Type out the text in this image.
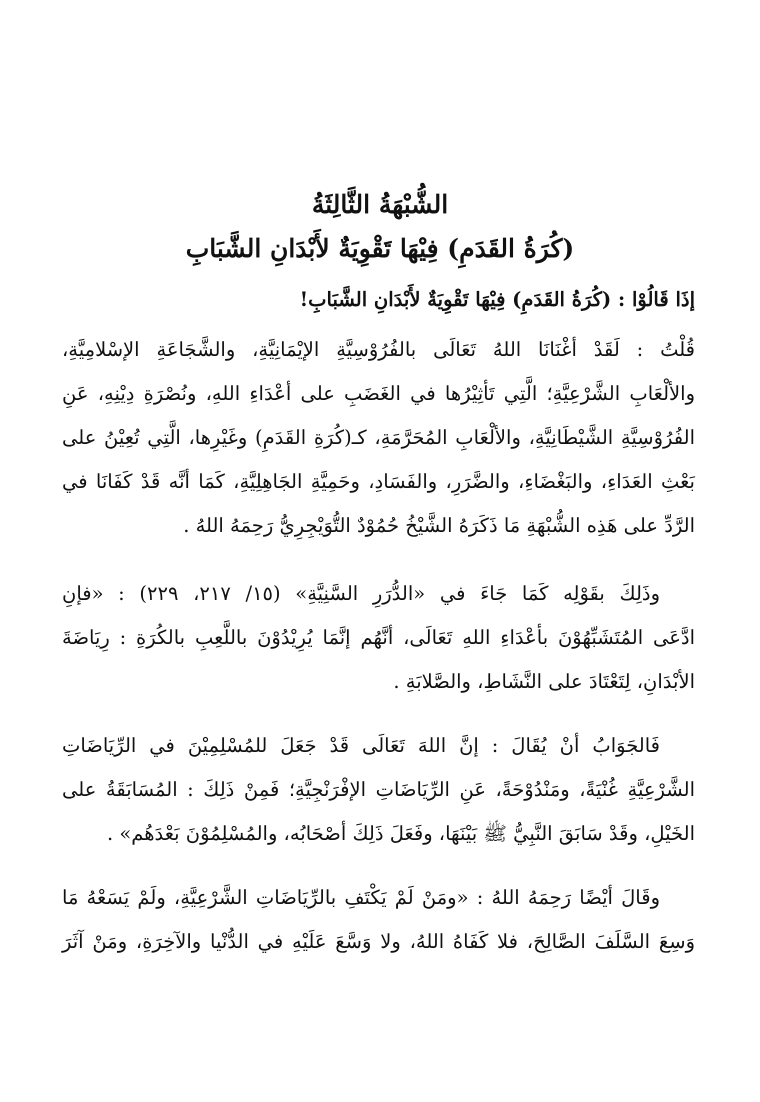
الشُّبْهَةُ الثَّالِثَةُ
(كُرَةُ القَدَمِ) فِيْهَا تَقْوِيَةٌ لأَبْدَانِ الشَّبَابِ
إذَا قَالُوْا : (كُرَةُ القَدَمِ) فِيْهَا تَقْوِيَةٌ لأَبْدَانِ الشَّبَابِ!
قُلْتُ : لَقَدْ أغْنَانَا اللهُ تَعَالَى بالفُرُوْسِيَّةِ الإيْمَانِيَّةِ، والشَّجَاعَةِ الإسْلامِيَّةِ،
والألْعَابِ الشَّرْعِيَّةِ؛ الَّتِي تَأثِيْرُها في الغَضَبِ على أعْدَاءِ اللهِ، ونُصْرَةِ دِيْنِهِ، عَنِ
الفُرُوْسِيَّةِ الشَّيْطَانِيَّةِ، والألْعَابِ المُحَرَّمَةِ، كـ(كُرَةِ القَدَمِ) وغَيْرِها، الَّتِي تُعِيْنُ على
بَعْثِ العَدَاءِ، والبَغْضَاءِ، والضَّرَرِ، والفَسَادِ، وحَمِيَّةِ الجَاهِلِيَّةِ، كَمَا أنَّه قَدْ كَفَانَا في
الرَّدِّ على هَذِه الشُّبْهَةِ مَا ذَكَرَهُ الشَّيْخُ حُمُوْدٌ التُّوَيْجِرِيُّ رَحِمَهُ اللهُ .
وذَلِكَ بقَوْلِه كَمَا جَاءَ في «الدُّرَرِ السَّنِيَّةِ» (١٥/ ٢١٧، ٢٢٩) : «فإنِ
ادَّعَى المُتَشَبِّهُوْنَ بأعْدَاءِ اللهِ تَعَالَى، أنَّهُم إنَّمَا يُرِيْدُوْنَ باللَّعِبِ بالكُرَةِ : رِيَاضَةَ
الأبْدَانِ، لِتَعْتَادَ على النَّشَاطِ، والصَّلابَةِ .
فَالجَوَابُ أنْ يُقَالَ : إنَّ اللهَ تَعَالَى قَدْ جَعَلَ للمُسْلِمِيْنَ في الرِّيَاضَاتِ
الشَّرْعِيَّةِ غُنْيَةً، ومَنْدُوْحَةً، عَنِ الرِّيَاضَاتِ الإفْرَنْجِيَّةِ؛ فَمِنْ ذَلِكَ : المُسَابَقَةُ على
الخَيْلِ، وقَدْ سَابَقَ النَّبِيُّ ﷺ بَيْنَهَا، وفَعَلَ ذَلِكَ أصْحَابُه، والمُسْلِمُوْنَ بَعْدَهُم» .
وقَالَ أيْضًا رَحِمَهُ اللهُ : «ومَنْ لَمْ يَكْتَفِ بالرِّيَاضَاتِ الشَّرْعِيَّةِ، ولَمْ يَسَعْهُ مَا
وَسِعَ السَّلَفَ الصَّالِحَ، فلا كَفَاهُ اللهُ، ولا وَسَّعَ عَلَيْهِ في الدُّنْيا والآخِرَةِ، ومَنْ آثَرَ
